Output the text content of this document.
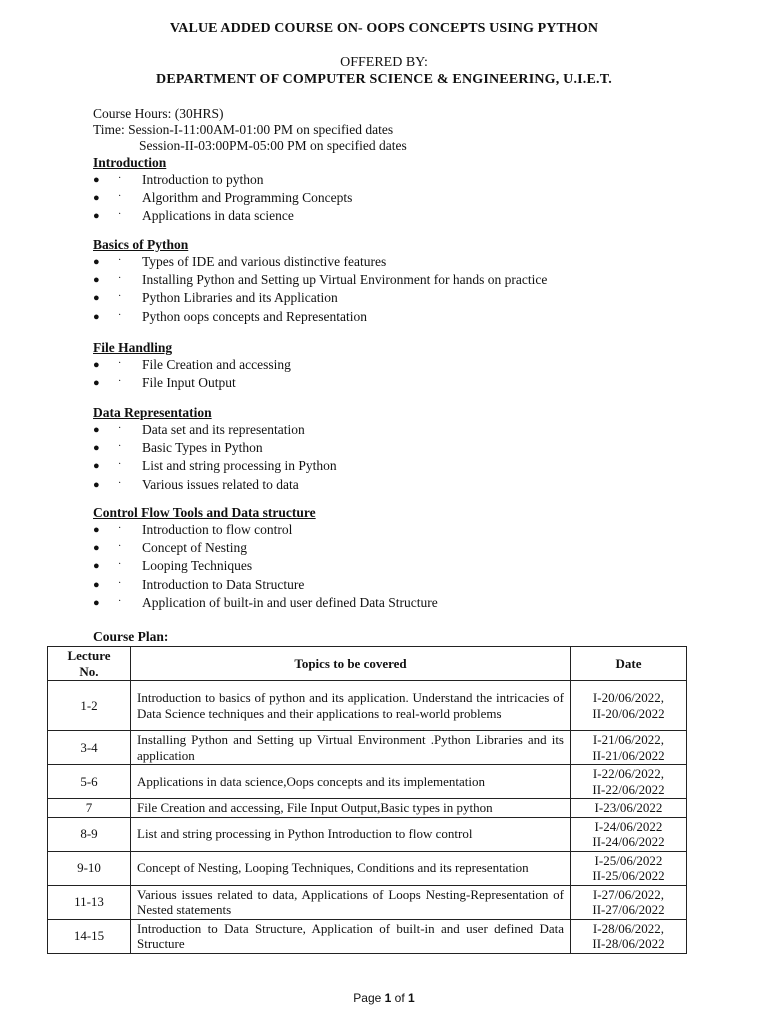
VALUE ADDED COURSE ON- OOPS CONCEPTS USING PYTHON
OFFERED BY:
DEPARTMENT OF COMPUTER SCIENCE & ENGINEERING, U.I.E.T.
Course Hours: (30HRS)
Time: Session-I-11:00AM-01:00 PM on specified dates
Session-II-03:00PM-05:00 PM on specified dates
Introduction
● · Introduction to python
● · Algorithm and Programming Concepts
● · Applications in data science
Basics of Python
● · Types of IDE and various distinctive features
● · Installing Python and Setting up Virtual Environment for hands on practice
● · Python Libraries and its Application
● · Python oops concepts and Representation
File Handling
● · File Creation and accessing
● · File Input Output
Data Representation
● · Data set and its representation
● · Basic Types in Python
● · List and string processing in Python
● · Various issues related to data
Control Flow Tools and Data structure
● · Introduction to flow control
● · Concept of Nesting
● · Looping Techniques
● · Introduction to Data Structure
● · Application of built-in and user defined Data Structure
Course Plan:
Lecture
No.	Topics to be covered	Date
1-2	Introduction to basics of python and its application. Understand the intricacies of Data Science techniques and their applications to real-world problems	I-20/06/2022,
II-20/06/2022
3-4	Installing Python and Setting up Virtual Environment .Python Libraries and its application	I-21/06/2022,
II-21/06/2022
5-6	Applications in data science,Oops concepts and its implementation	I-22/06/2022,
II-22/06/2022
7	File Creation and accessing, File Input Output,Basic types in python	I-23/06/2022
8-9	List and string processing in Python Introduction to flow control	I-24/06/2022
II-24/06/2022
9-10	Concept of Nesting, Looping Techniques, Conditions and its representation	I-25/06/2022
II-25/06/2022
11-13	Various issues related to data, Applications of Loops Nesting-Representation of Nested statements	I-27/06/2022,
II-27/06/2022
14-15	Introduction to Data Structure, Application of built-in and user defined Data Structure	I-28/06/2022,
II-28/06/2022
Page 1 of 1
